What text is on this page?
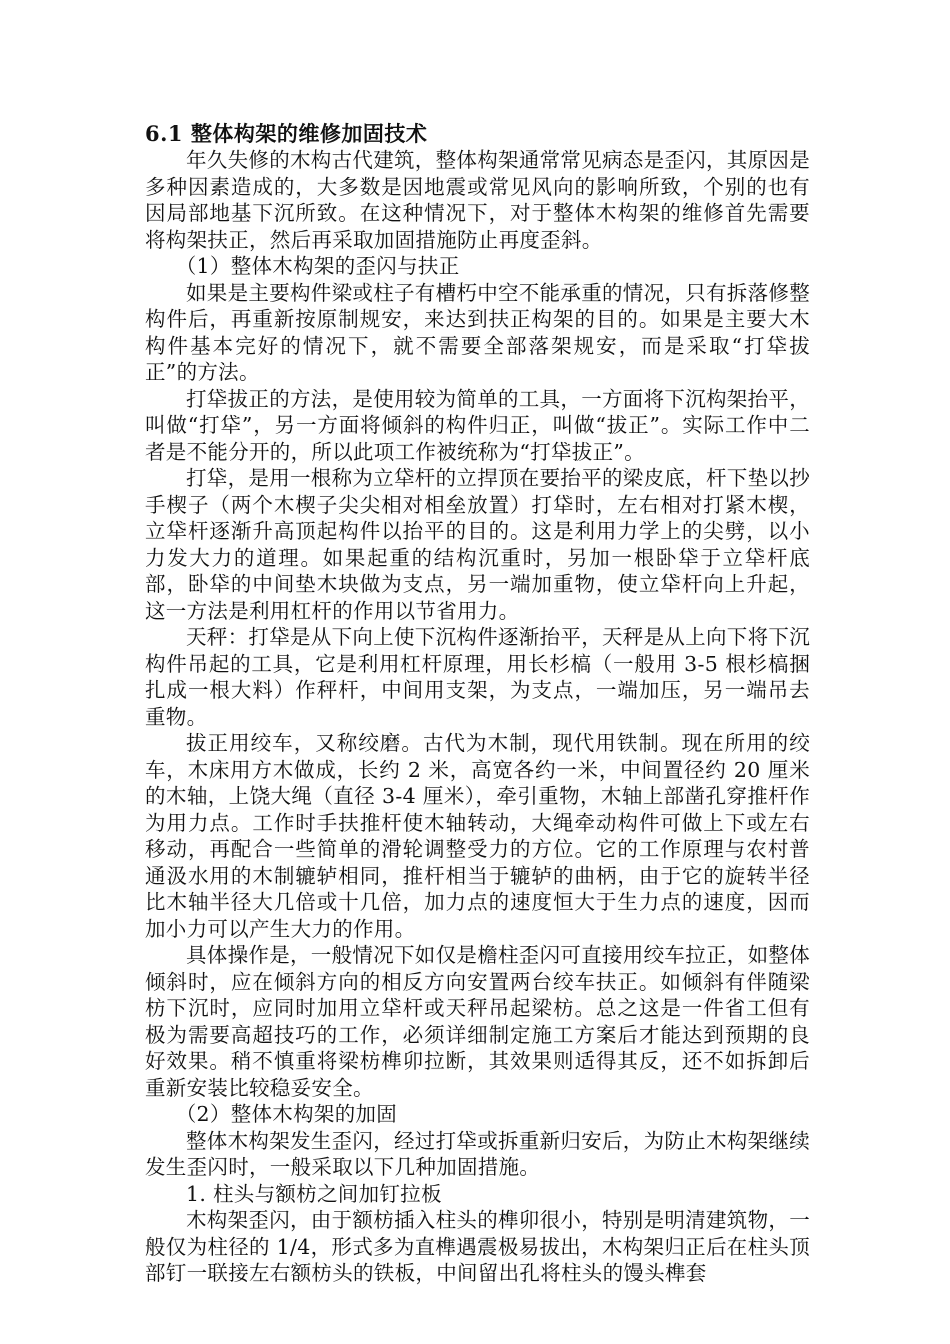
6.1 整体构架的维修加固技术

年久失修的木构古代建筑，整体构架通常常见病态是歪闪，其原因是多种因素造成的，大多数是因地震或常见风向的影响所致，个别的也有因局部地基下沉所致。在这种情况下，对于整体木构架的维修首先需要将构架扶正，然后再采取加固措施防止再度歪斜。

（1）整体木构架的歪闪与扶正

如果是主要构件梁或柱子有槽朽中空不能承重的情况，只有拆落修整构件后，再重新按原制规安，来达到扶正构架的目的。如果是主要大木构件基本完好的情况下，就不需要全部落架规安，而是采取“打牮拔正”的方法。

打牮拔正的方法，是使用较为简单的工具，一方面将下沉构架抬平，叫做“打牮”，另一方面将倾斜的构件归正，叫做“拔正”。实际工作中二者是不能分开的，所以此项工作被统称为“打牮拔正”。

打牮，是用一根称为立牮杆的立捍顶在要抬平的梁皮底，杆下垫以抄手楔子（两个木楔子尖尖相对相垒放置）打牮时，左右相对打紧木楔，立牮杆逐渐升高顶起构件以抬平的目的。这是利用力学上的尖劈，以小力发大力的道理。如果起重的结构沉重时，另加一根卧牮于立牮杆底部，卧牮的中间垫木块做为支点，另一端加重物，使立牮杆向上升起，这一方法是利用杠杆的作用以节省用力。

天秤：打牮是从下向上使下沉构件逐渐抬平，天秤是从上向下将下沉构件吊起的工具，它是利用杠杆原理，用长杉槁（一般用 3-5 根杉槁捆扎成一根大料）作秤杆，中间用支架，为支点，一端加压，另一端吊去重物。

拔正用绞车，又称绞磨。古代为木制，现代用铁制。现在所用的绞车，木床用方木做成，长约 2 米，高宽各约一米，中间置径约 20 厘米的木轴，上饶大绳（直径 3-4 厘米），牵引重物，木轴上部凿孔穿推杆作为用力点。工作时手扶推杆使木轴转动，大绳牵动构件可做上下或左右移动，再配合一些简单的滑轮调整受力的方位。它的工作原理与农村普通汲水用的木制辘轳相同，推杆相当于辘轳的曲柄，由于它的旋转半径比木轴半径大几倍或十几倍，加力点的速度恒大于生力点的速度，因而加小力可以产生大力的作用。

具体操作是，一般情况下如仅是檐柱歪闪可直接用绞车拉正，如整体倾斜时，应在倾斜方向的相反方向安置两台绞车扶正。如倾斜有伴随梁枋下沉时，应同时加用立牮杆或天秤吊起梁枋。总之这是一件省工但有极为需要高超技巧的工作，必须详细制定施工方案后才能达到预期的良好效果。稍不慎重将梁枋榫卯拉断，其效果则适得其反，还不如拆卸后重新安装比较稳妥安全。

（2）整体木构架的加固

整体木构架发生歪闪，经过打牮或拆重新归安后，为防止木构架继续发生歪闪时，一般采取以下几种加固措施。

1. 柱头与额枋之间加钉拉板

木构架歪闪，由于额枋插入柱头的榫卯很小，特别是明清建筑物，一般仅为柱径的 1/4，形式多为直榫遇震极易拔出，木构架归正后在柱头顶部钉一联接左右额枋头的铁板，中间留出孔将柱头的馒头榫套
